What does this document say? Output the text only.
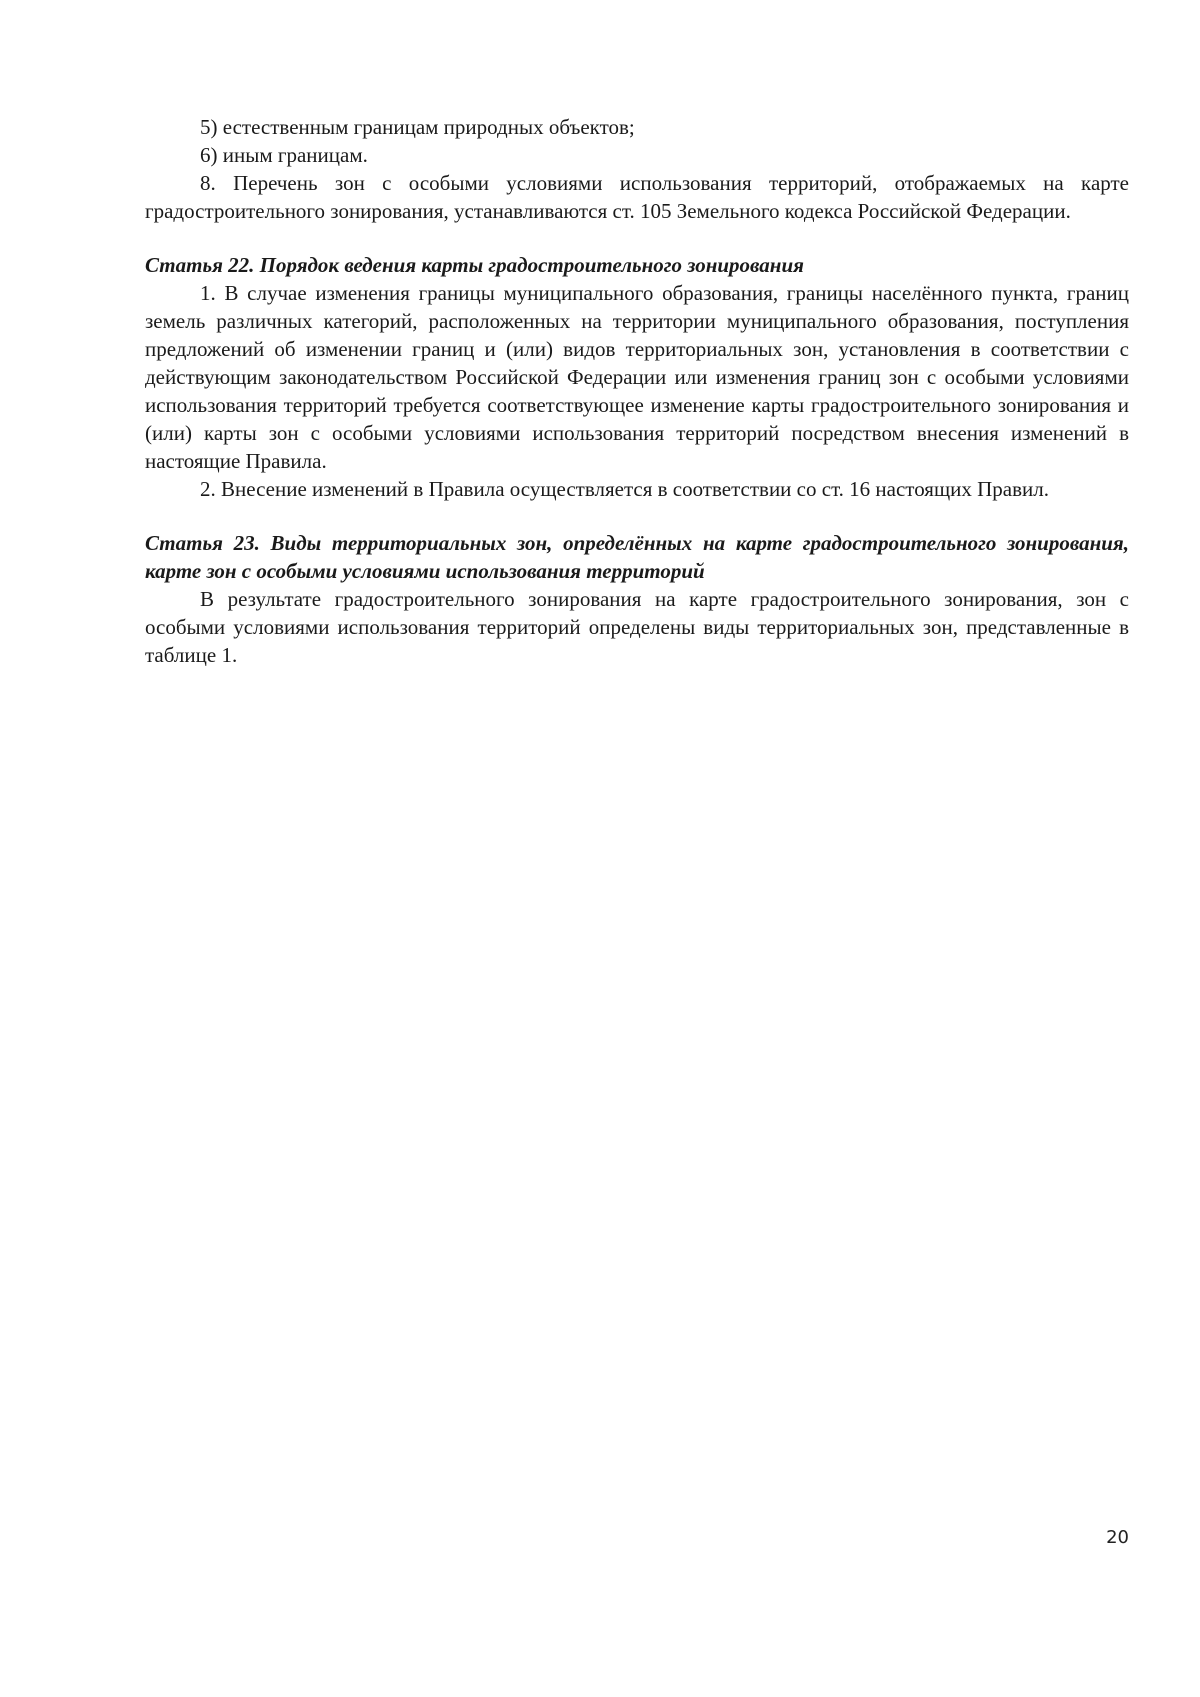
5) естественным границам природных объектов;

6) иным границам.

8. Перечень зон с особыми условиями использования территорий, отображаемых на карте градостроительного зонирования, устанавливаются ст. 105 Земельного кодекса Российской Федерации.

Статья 22. Порядок ведения карты градостроительного зонирования

1. В случае изменения границы муниципального образования, границы населённого пункта, границ земель различных категорий, расположенных на территории муниципального образования, поступления предложений об изменении границ и (или) видов территориальных зон, установления в соответствии с действующим законодательством Российской Федерации или изменения границ зон с особыми условиями использования территорий требуется соответствующее изменение карты градостроительного зонирования и (или) карты зон с особыми условиями использования территорий посредством внесения изменений в настоящие Правила.

2. Внесение изменений в Правила осуществляется в соответствии со ст. 16 настоящих Правил.

Статья 23. Виды территориальных зон, определённых на карте градостроительного зонирования, карте зон с особыми условиями использования территорий

В результате градостроительного зонирования на карте градостроительного зонирования, зон с особыми условиями использования территорий определены виды территориальных зон, представленные в таблице 1.

20
